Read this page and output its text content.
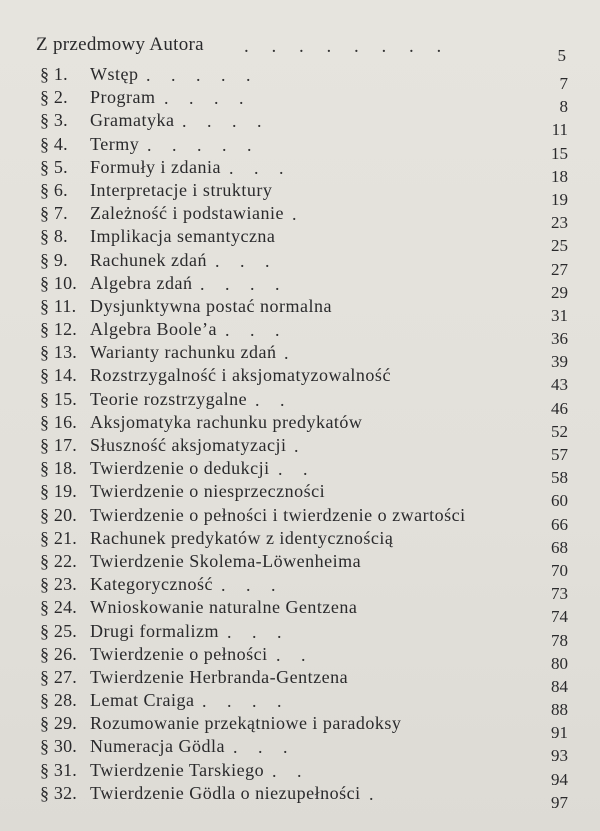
Z przedmowy Autora . . . . . . . .	5
§ 1.	Wstęp . . . . .	7
§ 2.	Program . . . .	8
§ 3.	Gramatyka . . . .	11
§ 4.	Termy . . . . .	15
§ 5.	Formuły i zdania . . .	18
§ 6.	Interpretacje i struktury	19
§ 7.	Zależność i podstawianie .	23
§ 8.	Implikacja semantyczna	25
§ 9.	Rachunek zdań . . .	27
§ 10. Algebra zdań . . . .	29
§ 11. Dysjunktywna postać normalna	31
§ 12. Algebra Boole’a . . .	36
§ 13. Warianty rachunku zdań .	39
§ 14. Rozstrzygalność i aksjomatyzowalność	43
§ 15. Teorie rozstrzygalne . .	46
§ 16. Aksjomatyka rachunku predykatów	52
§ 17. Słuszność aksjomatyzacji .	57
§ 18. Twierdzenie o dedukcji . .	58
§ 19. Twierdzenie o niesprzeczności	60
§ 20. Twierdzenie o pełności i twierdzenie o zwartości	66
§ 21. Rachunek predykatów z identycznością	68
§ 22. Twierdzenie Skolema-Löwenheima	70
§ 23. Kategoryczność . . .	73
§ 24. Wnioskowanie naturalne Gentzena	74
§ 25. Drugi formalizm . . .	78
§ 26. Twierdzenie o pełności . .	80
§ 27. Twierdzenie Herbranda-Gentzena	84
§ 28. Lemat Craiga . . . .	88
§ 29. Rozumowanie przekątniowe i paradoksy	91
§ 30. Numeracja Gödla . . .	93
§ 31. Twierdzenie Tarskiego . .	94
§ 32. Twierdzenie Gödla o niezupełności .	97
